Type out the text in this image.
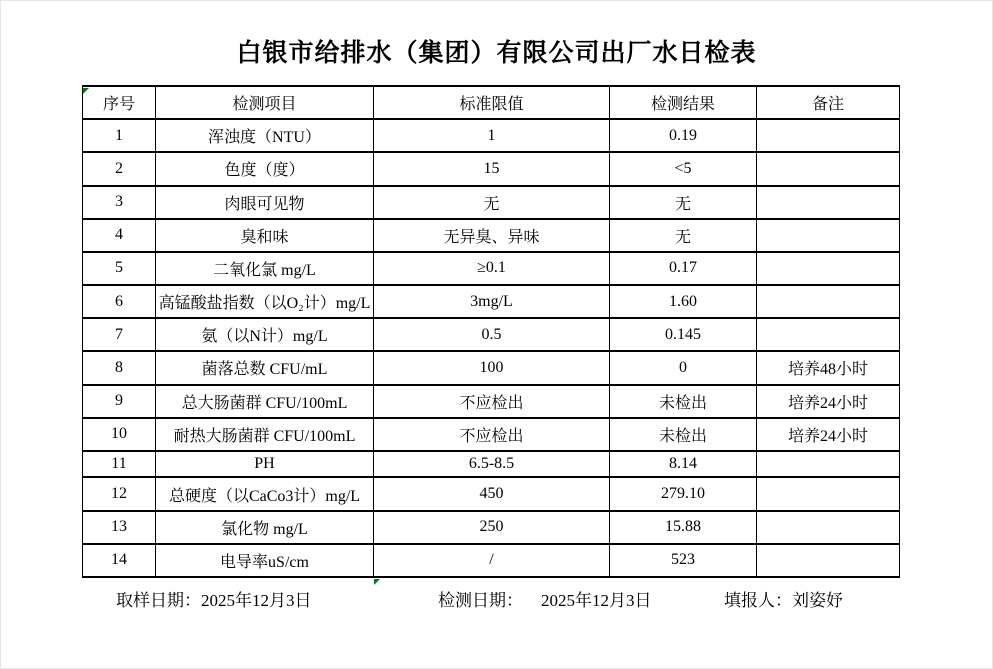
白银市给排水（集团）有限公司出厂水日检表
序号	检测项目	标准限值	检测结果	备注
1	浑浊度（NTU）	1	0.19	
2	色度（度）	15	<5	
3	肉眼可见物	无	无	
4	臭和味	无异臭、异味	无	
5	二氧化氯 mg/L	≥0.1	0.17	
6	高锰酸盐指数（以O₂计）mg/L	3mg/L	1.60	
7	氨（以N计）mg/L	0.5	0.145	
8	菌落总数 CFU/mL	100	0	培养48小时
9	总大肠菌群 CFU/100mL	不应检出	未检出	培养24小时
10	耐热大肠菌群 CFU/100mL	不应检出	未检出	培养24小时
11	PH	6.5-8.5	8.14	
12	总硬度（以CaCo3计）mg/L	450	279.10	
13	氯化物 mg/L	250	15.88	
14	电导率uS/cm	/	523	
取样日期：2025年12月3日	检测日期： 2025年12月3日	填报人：刘姿妤
